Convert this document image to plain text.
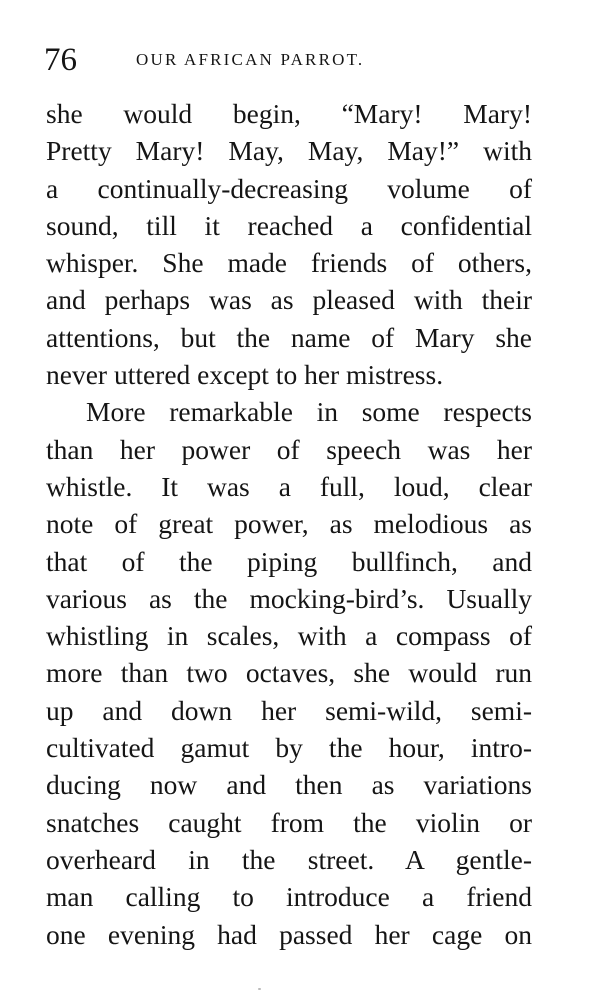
76	OUR AFRICAN PARROT.
she would begin, “Mary! Mary!
Pretty Mary! May, May, May!” with
a continually-decreasing volume of
sound, till it reached a confidential
whisper. She made friends of others,
and perhaps was as pleased with their
attentions, but the name of Mary she
never uttered except to her mistress.
More remarkable in some respects
than her power of speech was her
whistle. It was a full, loud, clear
note of great power, as melodious as
that of the piping bullfinch, and
various as the mocking-bird’s. Usually
whistling in scales, with a compass of
more than two octaves, she would run
up and down her semi-wild, semi-
cultivated gamut by the hour, intro-
ducing now and then as variations
snatches caught from the violin or
overheard in the street. A gentle-
man calling to introduce a friend
one evening had passed her cage on
